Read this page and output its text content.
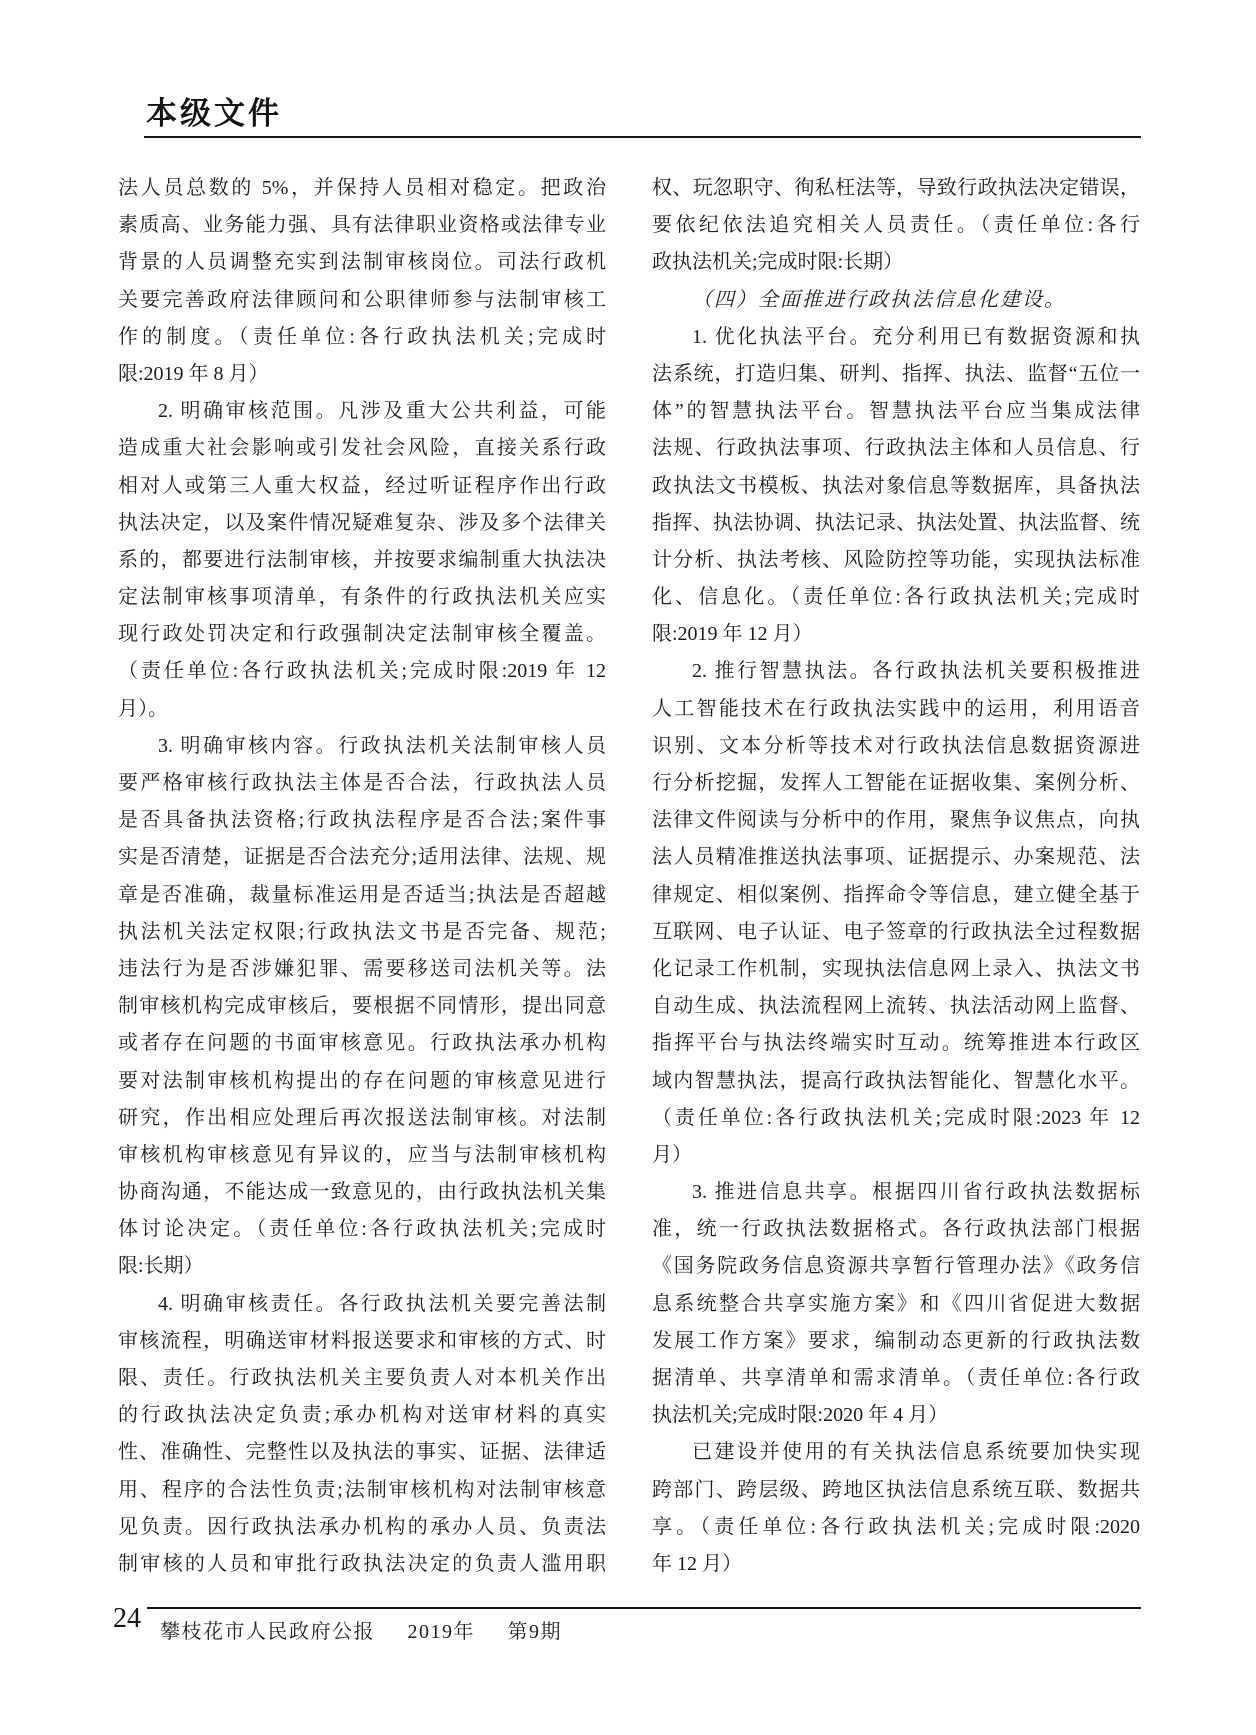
本级文件
法人员总数的 5%，并保持人员相对稳定。把政治
素质高、业务能力强、具有法律职业资格或法律专业
背景的人员调整充实到法制审核岗位。司法行政机
关要完善政府法律顾问和公职律师参与法制审核工
作的制度。（责任单位:各行政执法机关;完成时
限:2019 年 8 月）
2. 明确审核范围。凡涉及重大公共利益，可能
造成重大社会影响或引发社会风险，直接关系行政
相对人或第三人重大权益，经过听证程序作出行政
执法决定，以及案件情况疑难复杂、涉及多个法律关
系的，都要进行法制审核，并按要求编制重大执法决
定法制审核事项清单，有条件的行政执法机关应实
现行政处罚决定和行政强制决定法制审核全覆盖。
（责任单位:各行政执法机关;完成时限:2019 年 12
月）。
3. 明确审核内容。行政执法机关法制审核人员
要严格审核行政执法主体是否合法，行政执法人员
是否具备执法资格;行政执法程序是否合法;案件事
实是否清楚，证据是否合法充分;适用法律、法规、规
章是否准确，裁量标准运用是否适当;执法是否超越
执法机关法定权限;行政执法文书是否完备、规范;
违法行为是否涉嫌犯罪、需要移送司法机关等。法
制审核机构完成审核后，要根据不同情形，提出同意
或者存在问题的书面审核意见。行政执法承办机构
要对法制审核机构提出的存在问题的审核意见进行
研究，作出相应处理后再次报送法制审核。对法制
审核机构审核意见有异议的，应当与法制审核机构
协商沟通，不能达成一致意见的，由行政执法机关集
体讨论决定。（责任单位:各行政执法机关;完成时
限:长期）
4. 明确审核责任。各行政执法机关要完善法制
审核流程，明确送审材料报送要求和审核的方式、时
限、责任。行政执法机关主要负责人对本机关作出
的行政执法决定负责;承办机构对送审材料的真实
性、准确性、完整性以及执法的事实、证据、法律适
用、程序的合法性负责;法制审核机构对法制审核意
见负责。因行政执法承办机构的承办人员、负责法
制审核的人员和审批行政执法决定的负责人滥用职
权、玩忽职守、徇私枉法等，导致行政执法决定错误，
要依纪依法追究相关人员责任。（责任单位:各行
政执法机关;完成时限:长期）
（四）全面推进行政执法信息化建设。
1. 优化执法平台。充分利用已有数据资源和执
法系统，打造归集、研判、指挥、执法、监督“五位一
体”的智慧执法平台。智慧执法平台应当集成法律
法规、行政执法事项、行政执法主体和人员信息、行
政执法文书模板、执法对象信息等数据库，具备执法
指挥、执法协调、执法记录、执法处置、执法监督、统
计分析、执法考核、风险防控等功能，实现执法标准
化、信息化。（责任单位:各行政执法机关;完成时
限:2019 年 12 月）
2. 推行智慧执法。各行政执法机关要积极推进
人工智能技术在行政执法实践中的运用，利用语音
识别、文本分析等技术对行政执法信息数据资源进
行分析挖掘，发挥人工智能在证据收集、案例分析、
法律文件阅读与分析中的作用，聚焦争议焦点，向执
法人员精准推送执法事项、证据提示、办案规范、法
律规定、相似案例、指挥命令等信息，建立健全基于
互联网、电子认证、电子签章的行政执法全过程数据
化记录工作机制，实现执法信息网上录入、执法文书
自动生成、执法流程网上流转、执法活动网上监督、
指挥平台与执法终端实时互动。统筹推进本行政区
域内智慧执法，提高行政执法智能化、智慧化水平。
（责任单位:各行政执法机关;完成时限:2023 年 12
月）
3. 推进信息共享。根据四川省行政执法数据标
准，统一行政执法数据格式。各行政执法部门根据
《国务院政务信息资源共享暂行管理办法》《政务信
息系统整合共享实施方案》和《四川省促进大数据
发展工作方案》要求，编制动态更新的行政执法数
据清单、共享清单和需求清单。（责任单位:各行政
执法机关;完成时限:2020 年 4 月）
已建设并使用的有关执法信息系统要加快实现
跨部门、跨层级、跨地区执法信息系统互联、数据共
享。（责任单位:各行政执法机关;完成时限:2020
年 12 月）
24 攀枝花市人民政府公报 2019年 第9期
